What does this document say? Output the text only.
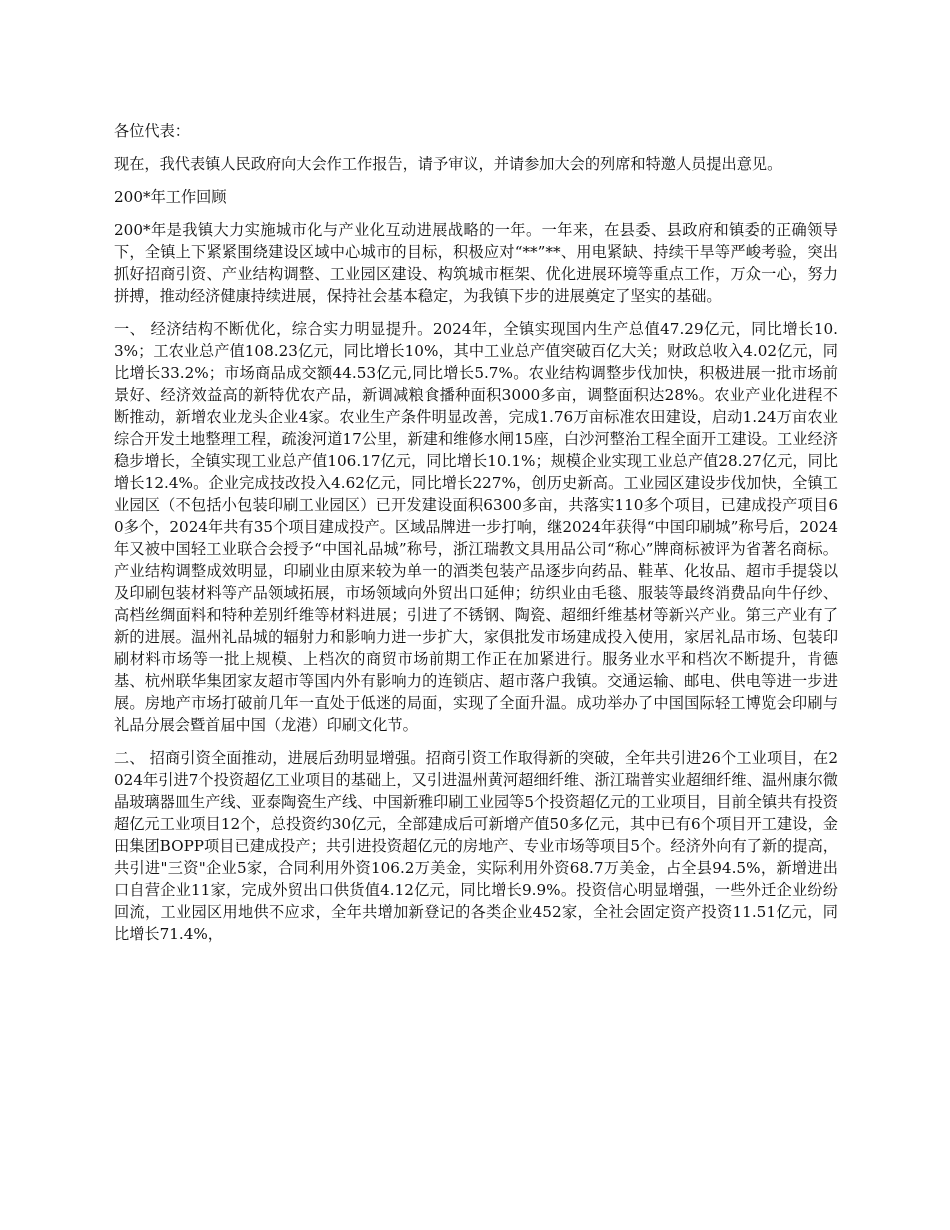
各位代表：

现在，我代表镇人民政府向大会作工作报告，请予审议，并请参加大会的列席和特邀人员提出意见。

200*年工作回顾

200*年是我镇大力实施城市化与产业化互动进展战略的一年。一年来，在县委、县政府和镇委的正确领导下，全镇上下紧紧围绕建设区域中心城市的目标，积极应对“**”**、用电紧缺、持续干旱等严峻考验，突出抓好招商引资、产业结构调整、工业园区建设、构筑城市框架、优化进展环境等重点工作，万众一心，努力拼搏，推动经济健康持续进展，保持社会基本稳定，为我镇下步的进展奠定了坚实的基础。

一、 经济结构不断优化，综合实力明显提升。2024年，全镇实现国内生产总值47.29亿元，同比增长10.3%；工农业总产值108.23亿元，同比增长10%，其中工业总产值突破百亿大关；财政总收入4.02亿元，同比增长33.2%；市场商品成交额44.53亿元,同比增长5.7%。农业结构调整步伐加快，积极进展一批市场前景好、经济效益高的新特优农产品，新调减粮食播种面积3000多亩，调整面积达28%。农业产业化进程不断推动，新增农业龙头企业4家。农业生产条件明显改善，完成1.76万亩标准农田建设，启动1.24万亩农业综合开发土地整理工程，疏浚河道17公里，新建和维修水闸15座，白沙河整治工程全面开工建设。工业经济稳步增长，全镇实现工业总产值106.17亿元，同比增长10.1%；规模企业实现工业总产值28.27亿元，同比增长12.4%。企业完成技改投入4.62亿元，同比增长227%，创历史新高。工业园区建设步伐加快，全镇工业园区（不包括小包装印刷工业园区）已开发建设面积6300多亩，共落实110多个项目，已建成投产项目60多个，2024年共有35个项目建成投产。区域品牌进一步打响，继2024年获得“中国印刷城”称号后，2024年又被中国轻工业联合会授予“中国礼品城”称号，浙江瑞教文具用品公司“称心”牌商标被评为省著名商标。产业结构调整成效明显，印刷业由原来较为单一的酒类包装产品逐步向药品、鞋革、化妆品、超市手提袋以及印刷包装材料等产品领域拓展，市场领域向外贸出口延伸；纺织业由毛毯、服装等最终消费品向牛仔纱、高档丝绸面料和特种差别纤维等材料进展；引进了不锈钢、陶瓷、超细纤维基材等新兴产业。第三产业有了新的进展。温州礼品城的辐射力和影响力进一步扩大，家俱批发市场建成投入使用，家居礼品市场、包装印刷材料市场等一批上规模、上档次的商贸市场前期工作正在加紧进行。服务业水平和档次不断提升，肯德基、杭州联华集团家友超市等国内外有影响力的连锁店、超市落户我镇。交通运输、邮电、供电等进一步进展。房地产市场打破前几年一直处于低迷的局面，实现了全面升温。成功举办了中国国际轻工博览会印刷与礼品分展会暨首届中国（龙港）印刷文化节。

二、 招商引资全面推动，进展后劲明显增强。招商引资工作取得新的突破，全年共引进26个工业项目，在2024年引进7个投资超亿工业项目的基础上，又引进温州黄河超细纤维、浙江瑞普实业超细纤维、温州康尔微晶玻璃器皿生产线、亚泰陶瓷生产线、中国新雅印刷工业园等5个投资超亿元的工业项目，目前全镇共有投资超亿元工业项目12个，总投资约30亿元，全部建成后可新增产值50多亿元，其中已有6个项目开工建设，金田集团BOPP项目已建成投产；共引进投资超亿元的房地产、专业市场等项目5个。经济外向有了新的提高，共引进"三资"企业5家，合同利用外资106.2万美金，实际利用外资68.7万美金，占全县94.5%，新增进出口自营企业11家，完成外贸出口供货值4.12亿元，同比增长9.9%。投资信心明显增强，一些外迁企业纷纷回流，工业园区用地供不应求，全年共增加新登记的各类企业452家，全社会固定资产投资11.51亿元，同比增长71.4%，
